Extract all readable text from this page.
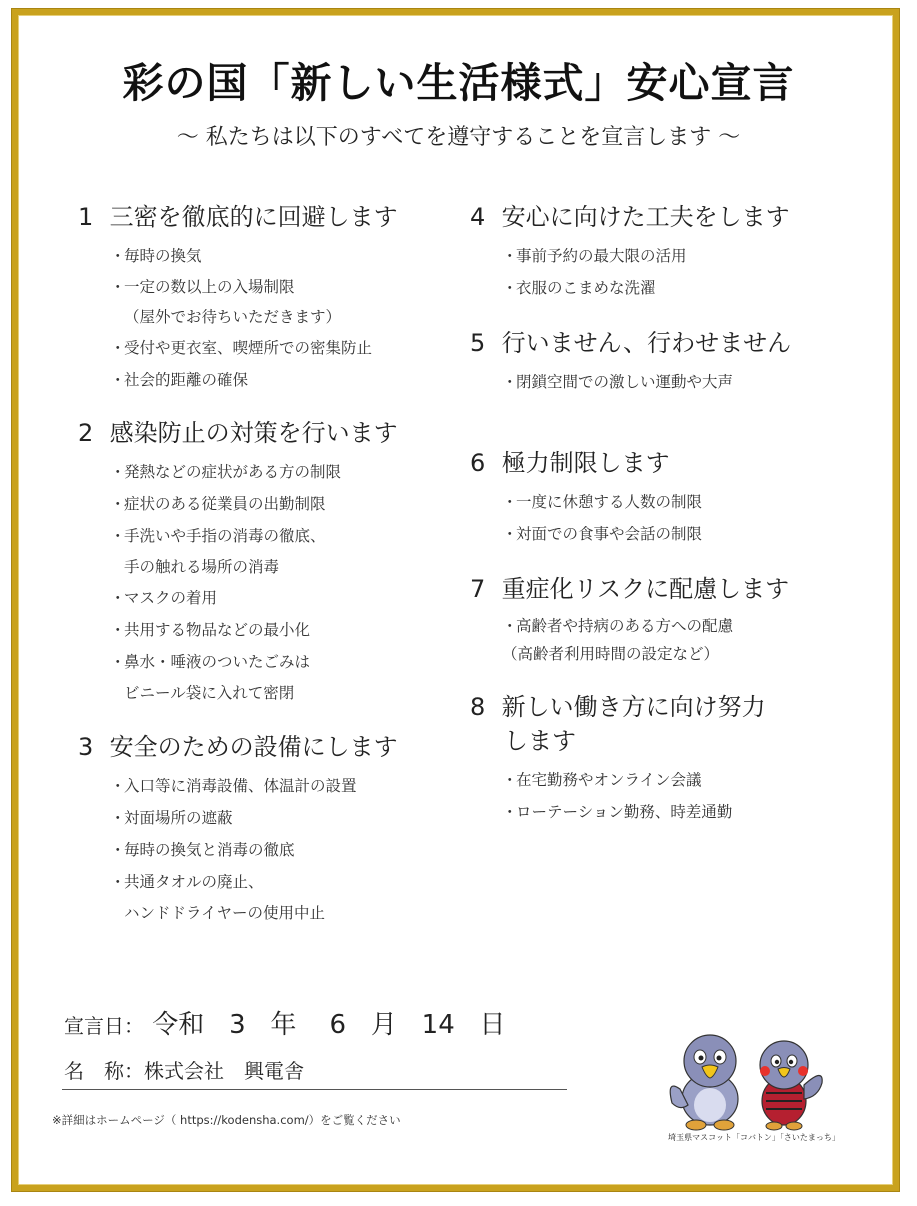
彩の国「新しい生活様式」安心宣言
〜 私たちは以下のすべてを遵守することを宣言します 〜
1 三密を徹底的に回避します
・毎時の換気
・一定の数以上の入場制限
（屋外でお待ちいただきます）
・受付や更衣室、喫煙所での密集防止
・社会的距離の確保
2 感染防止の対策を行います
・発熱などの症状がある方の制限
・症状のある従業員の出勤制限
・手洗いや手指の消毒の徹底、
手の触れる場所の消毒
・マスクの着用
・共用する物品などの最小化
・鼻水・唾液のついたごみは
ビニール袋に入れて密閉
3 安全のための設備にします
・入口等に消毒設備、体温計の設置
・対面場所の遮蔽
・毎時の換気と消毒の徹底
・共通タオルの廃止、
ハンドドライヤーの使用中止
4 安心に向けた工夫をします
・事前予約の最大限の活用
・衣服のこまめな洗濯
5 行いません、行わせません
・閉鎖空間での激しい運動や大声
6 極力制限します
・一度に休憩する人数の制限
・対面での食事や会話の制限
7 重症化リスクに配慮します
・高齢者や持病のある方への配慮
（高齢者利用時間の設定など）
8 新しい働き方に向け努力
します
・在宅勤務やオンライン会議
・ローテーション勤務、時差通勤
宣言日： 令和 3 年 6 月 14 日
名　称：株式会社　興電舎
※詳細はホームページ（ https://kodensha.com/）をご覧ください
埼玉県マスコット「コバトン」「さいたまっち」
